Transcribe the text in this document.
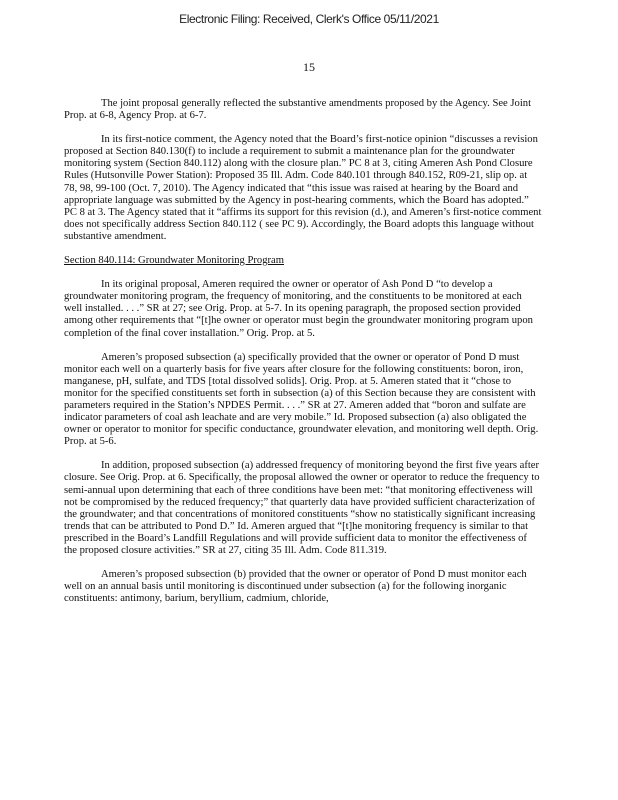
Electronic Filing: Received, Clerk's Office 05/11/2021
15

The joint proposal generally reflected the substantive amendments proposed by the Agency. See Joint Prop. at 6-8, Agency Prop. at 6-7.

In its first-notice comment, the Agency noted that the Board’s first-notice opinion “discusses a revision proposed at Section 840.130(f) to include a requirement to submit a maintenance plan for the groundwater monitoring system (Section 840.112) along with the closure plan.” PC 8 at 3, citing Ameren Ash Pond Closure Rules (Hutsonville Power Station): Proposed 35 Ill. Adm. Code 840.101 through 840.152, R09-21, slip op. at 78, 98, 99-100 (Oct. 7, 2010). The Agency indicated that “this issue was raised at hearing by the Board and appropriate language was submitted by the Agency in post-hearing comments, which the Board has adopted.” PC 8 at 3. The Agency stated that it “affirms its support for this revision (d.), and Ameren’s first-notice comment does not specifically address Section 840.112 ( see PC 9). Accordingly, the Board adopts this language without substantive amendment.

Section 840.114: Groundwater Monitoring Program

In its original proposal, Ameren required the owner or operator of Ash Pond D “to develop a groundwater monitoring program, the frequency of monitoring, and the constituents to be monitored at each well installed. . . .” SR at 27; see Orig. Prop. at 5-7. In its opening paragraph, the proposed section provided among other requirements that “[t]he owner or operator must begin the groundwater monitoring program upon completion of the final cover installation.” Orig. Prop. at 5.

Ameren’s proposed subsection (a) specifically provided that the owner or operator of Pond D must monitor each well on a quarterly basis for five years after closure for the following constituents: boron, iron, manganese, pH, sulfate, and TDS [total dissolved solids]. Orig. Prop. at 5. Ameren stated that it “chose to monitor for the specified constituents set forth in subsection (a) of this Section because they are consistent with parameters required in the Station’s NPDES Permit. . . .” SR at 27. Ameren added that “boron and sulfate are indicator parameters of coal ash leachate and are very mobile.” Id. Proposed subsection (a) also obligated the owner or operator to monitor for specific conductance, groundwater elevation, and monitoring well depth. Orig. Prop. at 5-6.

In addition, proposed subsection (a) addressed frequency of monitoring beyond the first five years after closure. See Orig. Prop. at 6. Specifically, the proposal allowed the owner or operator to reduce the frequency to semi-annual upon determining that each of three conditions have been met: “that monitoring effectiveness will not be compromised by the reduced frequency;” that quarterly data have provided sufficient characterization of the groundwater; and that concentrations of monitored constituents “show no statistically significant increasing trends that can be attributed to Pond D.” Id. Ameren argued that “[t]he monitoring frequency is similar to that prescribed in the Board’s Landfill Regulations and will provide sufficient data to monitor the effectiveness of the proposed closure activities.” SR at 27, citing 35 Ill. Adm. Code 811.319.

Ameren’s proposed subsection (b) provided that the owner or operator of Pond D must monitor each well on an annual basis until monitoring is discontinued under subsection (a) for the following inorganic constituents: antimony, barium, beryllium, cadmium, chloride,
